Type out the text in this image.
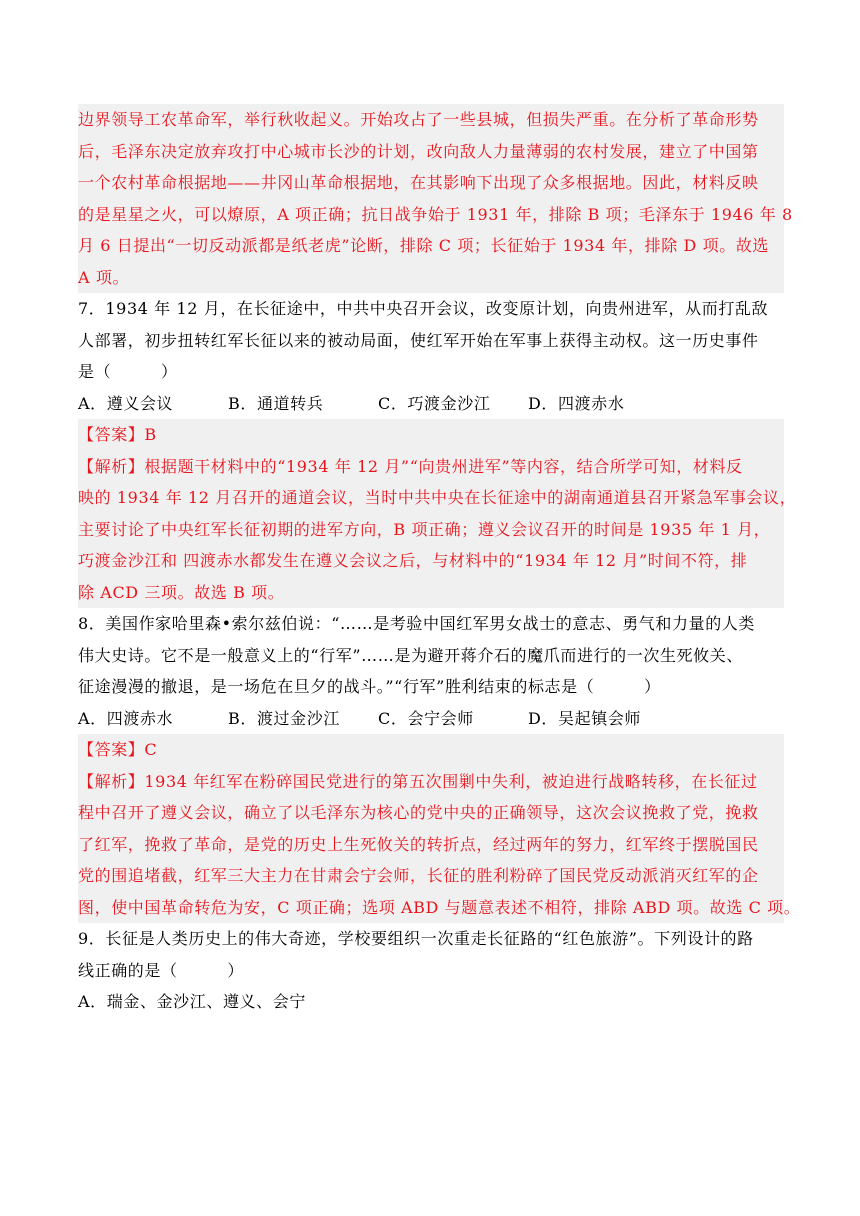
边界领导工农革命军，举行秋收起义。开始攻占了一些县城，但损失严重。在分析了革命形势
后，毛泽东决定放弃攻打中心城市长沙的计划，改向敌人力量薄弱的农村发展，建立了中国第
一个农村革命根据地——井冈山革命根据地，在其影响下出现了众多根据地。因此，材料反映
的是星星之火，可以燎原，A 项正确；抗日战争始于 1931 年，排除 B 项；毛泽东于 1946 年 8
月 6 日提出“一切反动派都是纸老虎”论断，排除 C 项；长征始于 1934 年，排除 D 项。故选
A 项。
7．1934 年 12 月，在长征途中，中共中央召开会议，改变原计划，向贵州进军，从而打乱敌
人部署，初步扭转红军长征以来的被动局面，使红军开始在军事上获得主动权。这一历史事件
是（　　　）
A．遵义会议	B．通道转兵	C．巧渡金沙江	D．四渡赤水
【答案】B
【解析】根据题干材料中的“1934 年 12 月”“向贵州进军”等内容，结合所学可知，材料反
映的 1934 年 12 月召开的通道会议，当时中共中央在长征途中的湖南通道县召开紧急军事会议，
主要讨论了中央红军长征初期的进军方向，B 项正确；遵义会议召开的时间是 1935 年 1 月，
巧渡金沙江和 四渡赤水都发生在遵义会议之后，与材料中的“1934 年 12 月”时间不符，排
除 ACD 三项。故选 B 项。
8．美国作家哈里森•索尔兹伯说：“……是考验中国红军男女战士的意志、勇气和力量的人类
伟大史诗。它不是一般意义上的“行军”……是为避开蒋介石的魔爪而进行的一次生死攸关、
征途漫漫的撤退，是一场危在旦夕的战斗。”“行军”胜利结束的标志是（　　　）
A．四渡赤水	B．渡过金沙江	C．会宁会师	D．吴起镇会师
【答案】C
【解析】1934 年红军在粉碎国民党进行的第五次围剿中失利，被迫进行战略转移，在长征过
程中召开了遵义会议，确立了以毛泽东为核心的党中央的正确领导，这次会议挽救了党，挽救
了红军，挽救了革命，是党的历史上生死攸关的转折点，经过两年的努力，红军终于摆脱国民
党的围追堵截，红军三大主力在甘肃会宁会师，长征的胜利粉碎了国民党反动派消灭红军的企
图，使中国革命转危为安，C 项正确；选项 ABD 与题意表述不相符，排除 ABD 项。故选 C 项。
9．长征是人类历史上的伟大奇迹，学校要组织一次重走长征路的“红色旅游”。下列设计的路
线正确的是（　　　）
A．瑞金、金沙江、遵义、会宁
